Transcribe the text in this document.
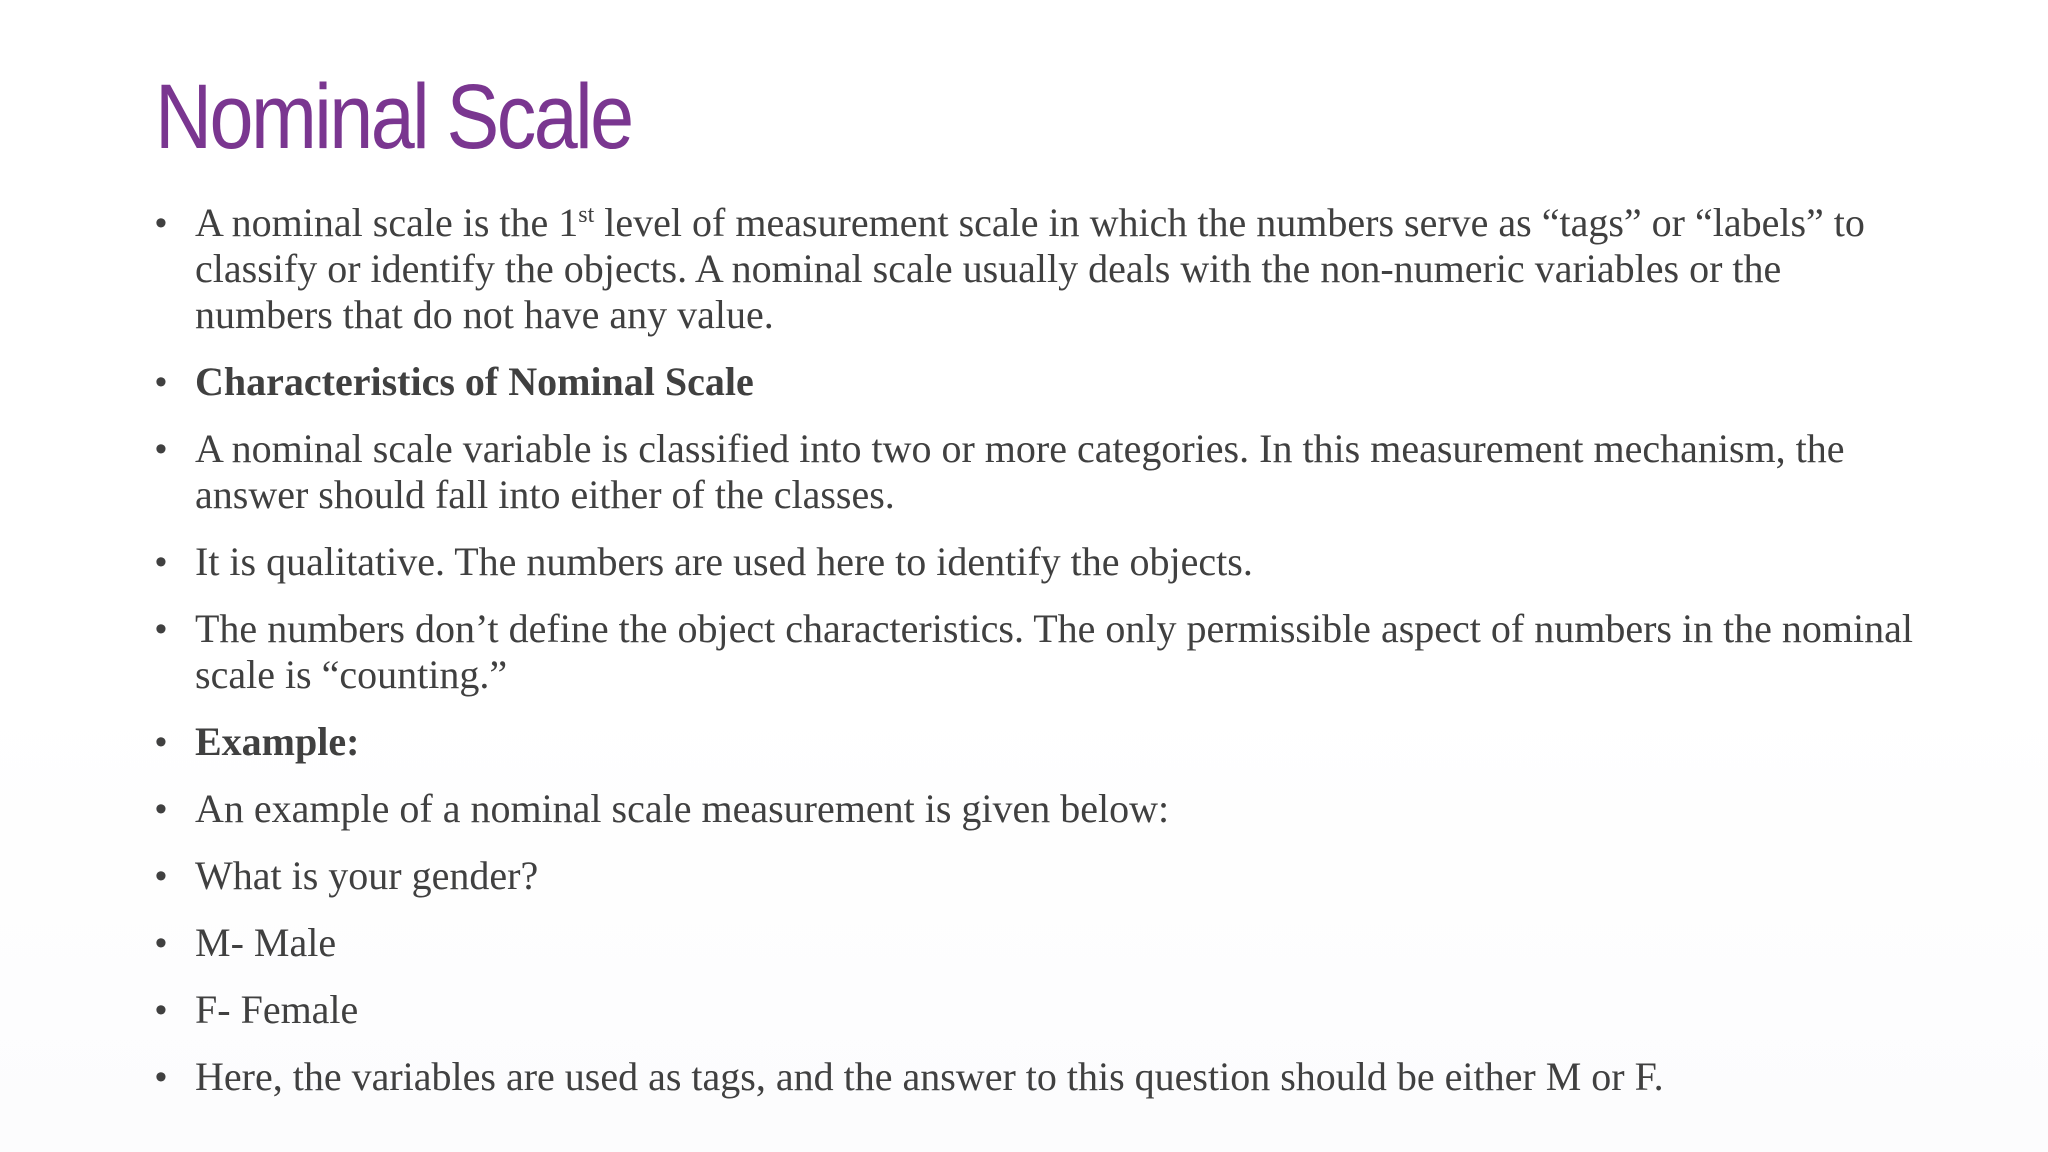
Nominal Scale
• A nominal scale is the 1st level of measurement scale in which the numbers serve as “tags” or “labels” to classify or identify the objects. A nominal scale usually deals with the non-numeric variables or the numbers that do not have any value.
• Characteristics of Nominal Scale
• A nominal scale variable is classified into two or more categories. In this measurement mechanism, the answer should fall into either of the classes.
• It is qualitative. The numbers are used here to identify the objects.
• The numbers don’t define the object characteristics. The only permissible aspect of numbers in the nominal scale is “counting.”
• Example:
• An example of a nominal scale measurement is given below:
• What is your gender?
• M- Male
• F- Female
• Here, the variables are used as tags, and the answer to this question should be either M or F.
